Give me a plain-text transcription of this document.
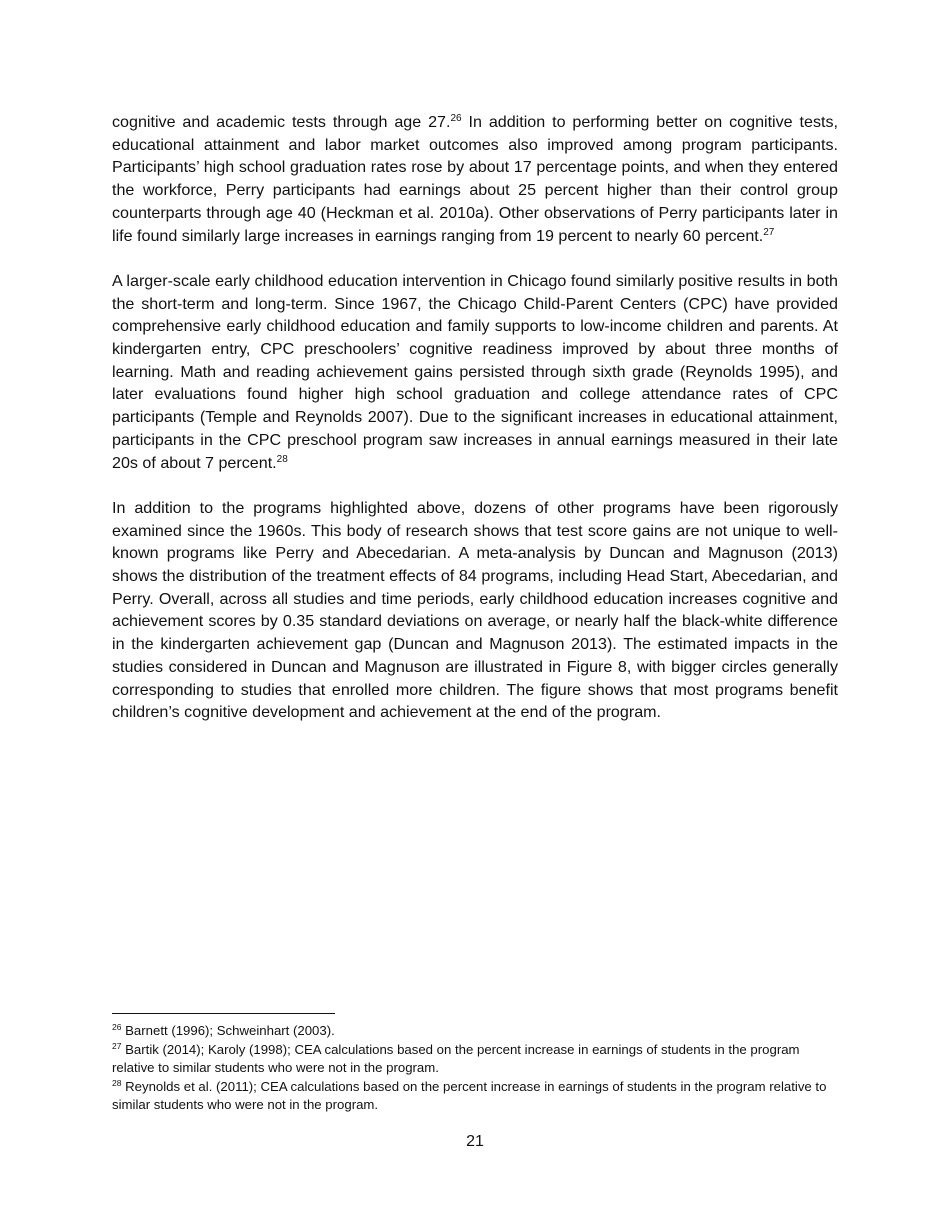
cognitive and academic tests through age 27.26 In addition to performing better on cognitive tests, educational attainment and labor market outcomes also improved among program participants. Participants’ high school graduation rates rose by about 17 percentage points, and when they entered the workforce, Perry participants had earnings about 25 percent higher than their control group counterparts through age 40 (Heckman et al. 2010a). Other observations of Perry participants later in life found similarly large increases in earnings ranging from 19 percent to nearly 60 percent.$^{27}$

A larger-scale early childhood education intervention in Chicago found similarly positive results in both the short-term and long-term. Since 1967, the Chicago Child-Parent Centers (CPC) have provided comprehensive early childhood education and family supports to low-income children and parents. At kindergarten entry, CPC preschoolers’ cognitive readiness improved by about three months of learning. Math and reading achievement gains persisted through sixth grade (Reynolds 1995), and later evaluations found higher high school graduation and college attendance rates of CPC participants (Temple and Reynolds 2007). Due to the significant increases in educational attainment, participants in the CPC preschool program saw increases in annual earnings measured in their late 20s of about 7 percent.$^{28}$

In addition to the programs highlighted above, dozens of other programs have been rigorously examined since the 1960s. This body of research shows that test score gains are not unique to well-known programs like Perry and Abecedarian. A meta-analysis by Duncan and Magnuson (2013) shows the distribution of the treatment effects of 84 programs, including Head Start, Abecedarian, and Perry. Overall, across all studies and time periods, early childhood education increases cognitive and achievement scores by 0.35 standard deviations on average, or nearly half the black-white difference in the kindergarten achievement gap (Duncan and Magnuson 2013). The estimated impacts in the studies considered in Duncan and Magnuson are illustrated in Figure 8, with bigger circles generally corresponding to studies that enrolled more children. The figure shows that most programs benefit children’s cognitive development and achievement at the end of the program.

$^{26}$ Barnett (1996); Schweinhart (2003).

$^{27}$ Bartik (2014); Karoly (1998); CEA calculations based on the percent increase in earnings of students in the program relative to similar students who were not in the program.

$^{28}$ Reynolds et al. (2011); CEA calculations based on the percent increase in earnings of students in the program relative to similar students who were not in the program.

21
